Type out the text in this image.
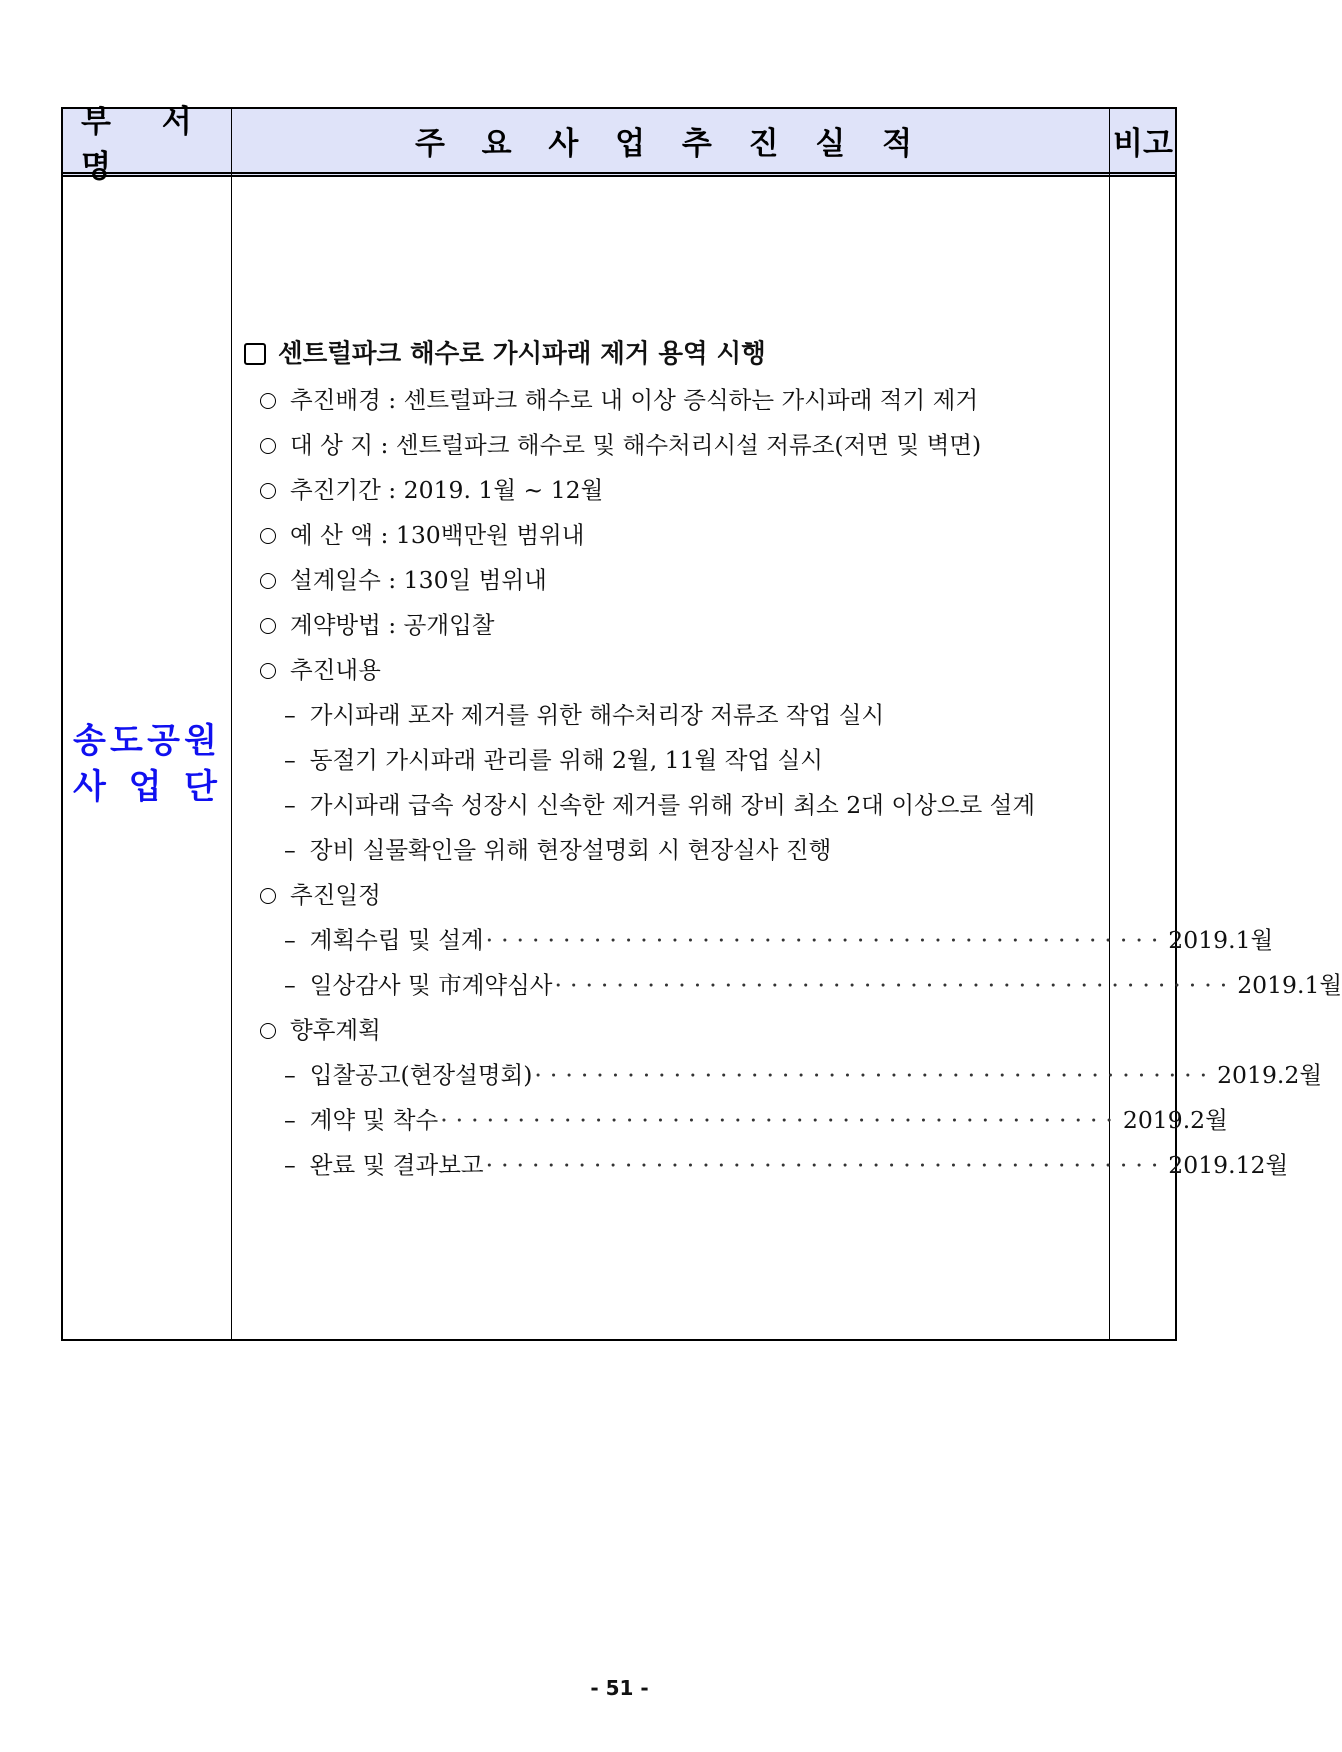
부 서 명
주 요 사 업 추 진 실 적	비고
송 도 공 원
사 업 단
센트럴파크 해수로 가시파래 제거 용역 시행
추진배경 : 센트럴파크 해수로 내 이상 증식하는 가시파래 적기 제거
대 상 지 : 센트럴파크 해수로 및 해수처리시설 저류조(저면 및 벽면)
추진기간 : 2019. 1월 ~ 12월
예 산 액 : 130백만원 범위내
설계일수 : 130일 범위내
계약방법 : 공개입찰
추진내용
– 가시파래 포자 제거를 위한 해수처리장 저류조 작업 실시
– 동절기 가시파래 관리를 위해 2월, 11월 작업 실시
– 가시파래 급속 성장시 신속한 제거를 위해 장비 최소 2대 이상으로 설계
– 장비 실물확인을 위해 현장설명회 시 현장실사 진행
추진일정
– 계획수립 및 설계 ············································ 2019.1월
– 일상감사 및 市계약심사 ············································ 2019.1월
향후계획
– 입찰공고(현장설명회) ············································ 2019.2월
– 계약 및 착수 ············································ 2019.2월
– 완료 및 결과보고 ············································ 2019.12월
- 51 -
